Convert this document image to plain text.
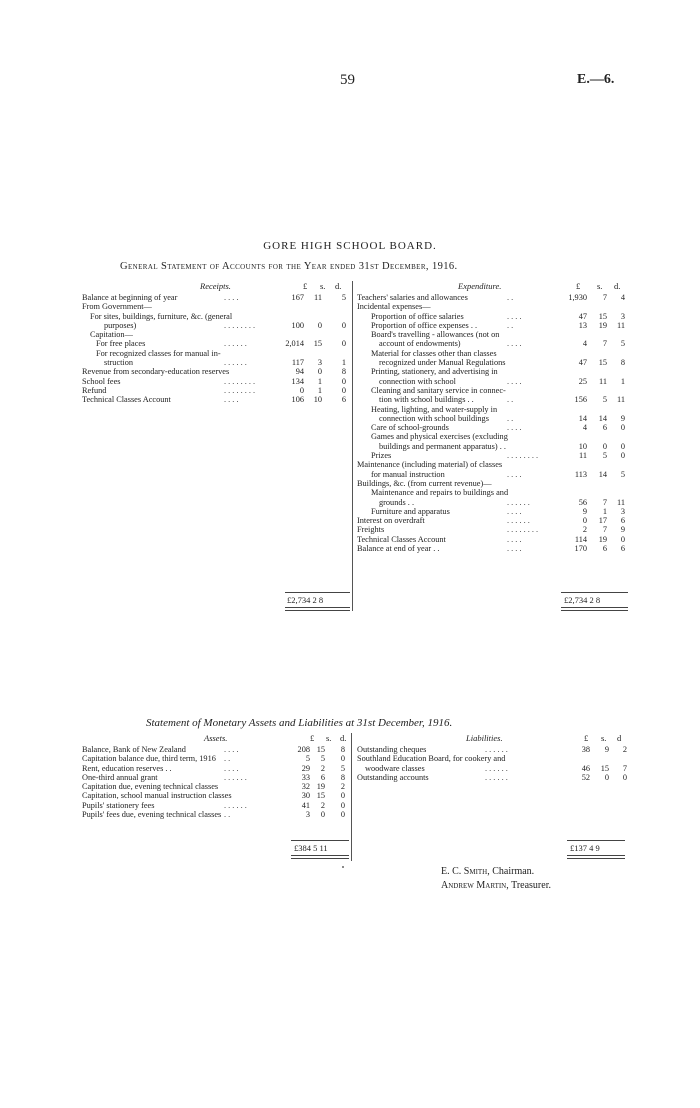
59	E.—6.
GORE HIGH SCHOOL BOARD.
General Statement of Accounts for the Year ended 31st December, 1916.
Receipts.	£ s. d.	Expenditure.	£ s. d.
Balance at beginning of year	. . . .	167 11 5
From Government—
For sites, buildings, furniture, &c. (general
purposes)	. . . . . . . .	100 0 0
Capitation—
For free places	. . . . . .	2,014 15 0
For recognized classes for manual in-
struction	. . . . . .	117 3 1
Revenue from secondary-education reserves	94 0 8
School fees	. . . . . . . .	134 1 0
Refund	. . . . . . . .	0 1 0
Technical Classes Account	. . . .	106 10 6
Teachers' salaries and allowances	. .	1,930 7 4
Incidental expenses—
Proportion of office salaries	. . . .	47 15 3
Proportion of office expenses . .	. .	13 19 11
Board's travelling - allowances (not on
account of endowments)	. . . .	4 7 5
Material for classes other than classes
recognized under Manual Regulations	47 15 8
Printing, stationery, and advertising in
connection with school	. . . .	25 11 1
Cleaning and sanitary service in connec-
tion with school buildings . .	. .	156 5 11
Heating, lighting, and water-supply in
connection with school buildings . .	14 14 9
Care of school-grounds	. . . .	4 6 0
Games and physical exercises (excluding
buildings and permanent apparatus) . .	10 0 0
Prizes	. . . . . . . .	11 5 0
Maintenance (including material) of classes
for manual instruction	. . . .	113 14 5
Buildings, &c. (from current revenue)—
Maintenance and repairs to buildings and
grounds . .	. . . . . .	56 7 11
Furniture and apparatus	. . . .	9 1 3
Interest on overdraft	. . . . . .	0 17 6
Freights	. . . . . . . .	2 7 9
Technical Classes Account	. . . .	114 19 0
Balance at end of year . .	. . . .	170 6 6
£2,734 2 8	£2,734 2 8
Statement of Monetary Assets and Liabilities at 31st December, 1916.
Assets.	£ s. d.	Liabilities.	£ s. d
Balance, Bank of New Zealand	. . . .	208 15 8
Capitation balance due, third term, 1916 . .	5 5 0
Rent, education reserves . .	. . . .	29 2 5
One-third annual grant	. . . . . .	33 6 8
Capitation due, evening technical classes	32 19 2
Capitation, school manual instruction classes	30 15 0
Pupils' stationery fees	. . . . . .	41 2 0
Pupils' fees due, evening technical classes . .	3 0 0
Outstanding cheques	. . . . . .	38 9 2
Southland Education Board, for cookery and
woodware classes	. . . . . .	46 15 7
Outstanding accounts	. . . . . .	52 0 0
£384 5 11	£137 4 9
E. C. Smith, Chairman.
Andrew Martin, Treasurer.
